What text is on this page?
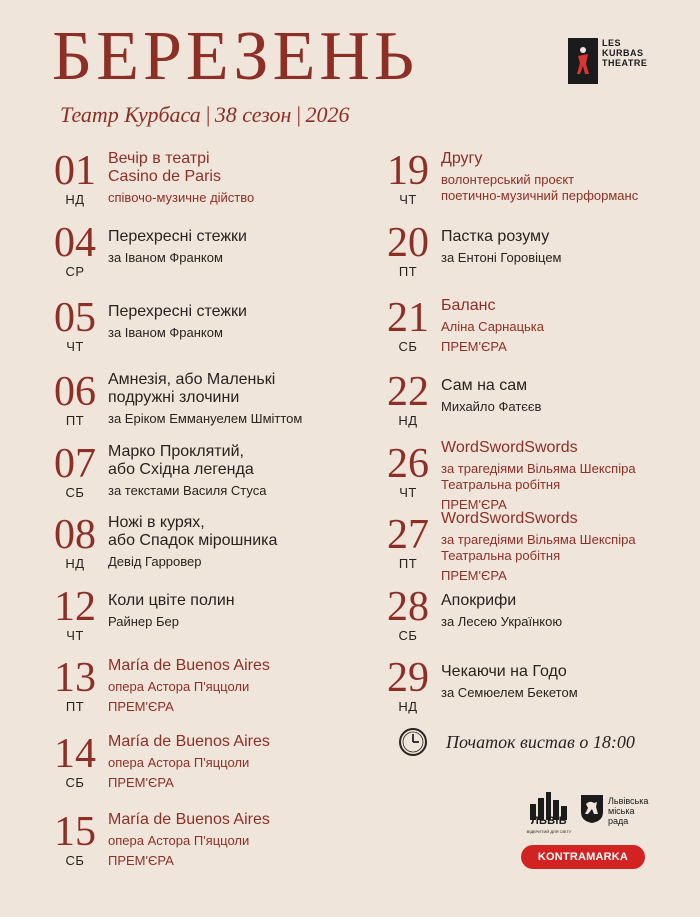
БЕРЕЗЕНЬ
Театр Курбаса | 38 сезон | 2026
LES
KURBAS
THEATRE
01
НД
Вечір в театрі
Casino de Paris
співочо-музичне дійство
04
СР
Перехресні стежки
за Іваном Франком
05
ЧТ
Перехресні стежки
за Іваном Франком
06
ПТ
Амнезія, або Маленькі
подружні злочини
за Еріком Еммануелем Шміттом
07
СБ
Марко Проклятий,
або Східна легенда
за текстами Василя Стуса
08
НД
Ножі в курях,
або Спадок мірошника
Девід Гарровер
12
ЧТ
Коли цвіте полин
Райнер Бер
13
ПТ
María de Buenos Aires
опера Астора П'яццоли
ПРЕМ'ЄРА
14
СБ
María de Buenos Aires
опера Астора П'яццоли
ПРЕМ'ЄРА
15
СБ
María de Buenos Aires
опера Астора П'яццоли
ПРЕМ'ЄРА
19
ЧТ
Другу
волонтерський проєкт
поетично-музичний перформанс
20
ПТ
Пастка розуму
за Ентоні Горовіцем
21
СБ
Баланс
Аліна Сарнацька
ПРЕМ'ЄРА
22
НД
Сам на сам
Михайло Фатєєв
26
ЧТ
WordSwordSwords
за трагедіями Вільяма Шекспіра
Театральна робітня
ПРЕМ'ЄРА
27
ПТ
WordSwordSwords
за трагедіями Вільяма Шекспіра
Театральна робітня
ПРЕМ'ЄРА
28
СБ
Апокрифи
за Лесею Українкою
29
НД
Чекаючи на Годо
за Семюелем Бекетом
Початок вистав о 18:00
ЛЬВІВ
ВІДКРИТИЙ ДЛЯ СВІТУ
Львівська
міська
рада
KONTRAMARKA
